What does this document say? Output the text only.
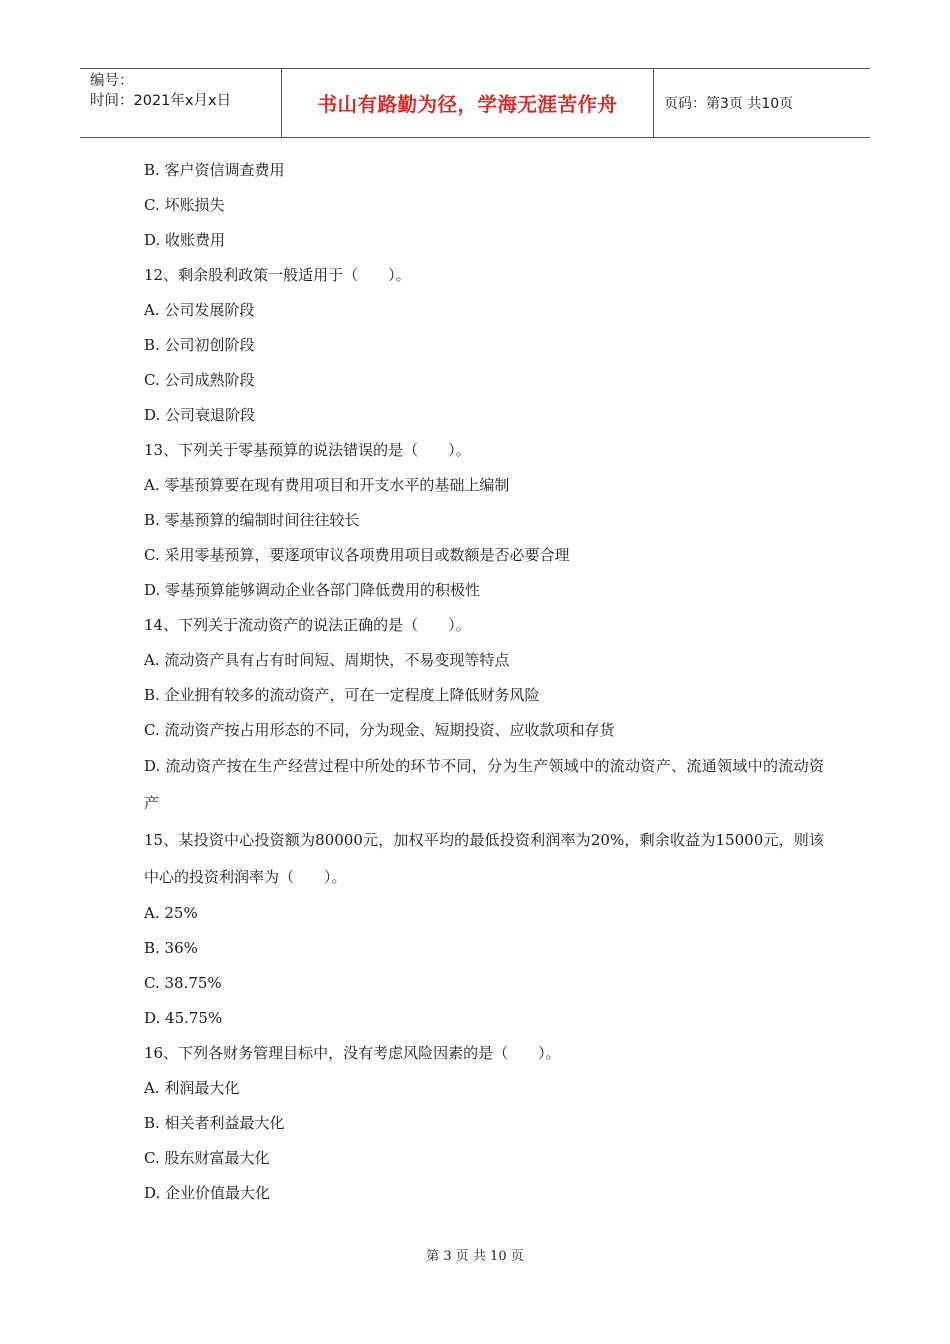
编号：
时间：2021年x月x日	书山有路勤为径，学海无涯苦作舟	页码：第3页 共10页
B. 客户资信调查费用
C. 坏账损失
D. 收账费用
12、剩余股利政策一般适用于（　　）。
A. 公司发展阶段
B. 公司初创阶段
C. 公司成熟阶段
D. 公司衰退阶段
13、下列关于零基预算的说法错误的是（　　）。
A. 零基预算要在现有费用项目和开支水平的基础上编制
B. 零基预算的编制时间往往较长
C. 采用零基预算，要逐项审议各项费用项目或数额是否必要合理
D. 零基预算能够调动企业各部门降低费用的积极性
14、下列关于流动资产的说法正确的是（　　）。
A. 流动资产具有占有时间短、周期快，不易变现等特点
B. 企业拥有较多的流动资产，可在一定程度上降低财务风险
C. 流动资产按占用形态的不同，分为现金、短期投资、应收款项和存货
D. 流动资产按在生产经营过程中所处的环节不同，分为生产领域中的流动资产、流通领域中的流动资产
15、某投资中心投资额为80000元，加权平均的最低投资利润率为20%，剩余收益为15000元，则该中心的投资利润率为（　　）。
A. 25%
B. 36%
C. 38.75%
D. 45.75%
16、下列各财务管理目标中，没有考虑风险因素的是（　　）。
A. 利润最大化
B. 相关者利益最大化
C. 股东财富最大化
D. 企业价值最大化
第 3 页 共 10 页
